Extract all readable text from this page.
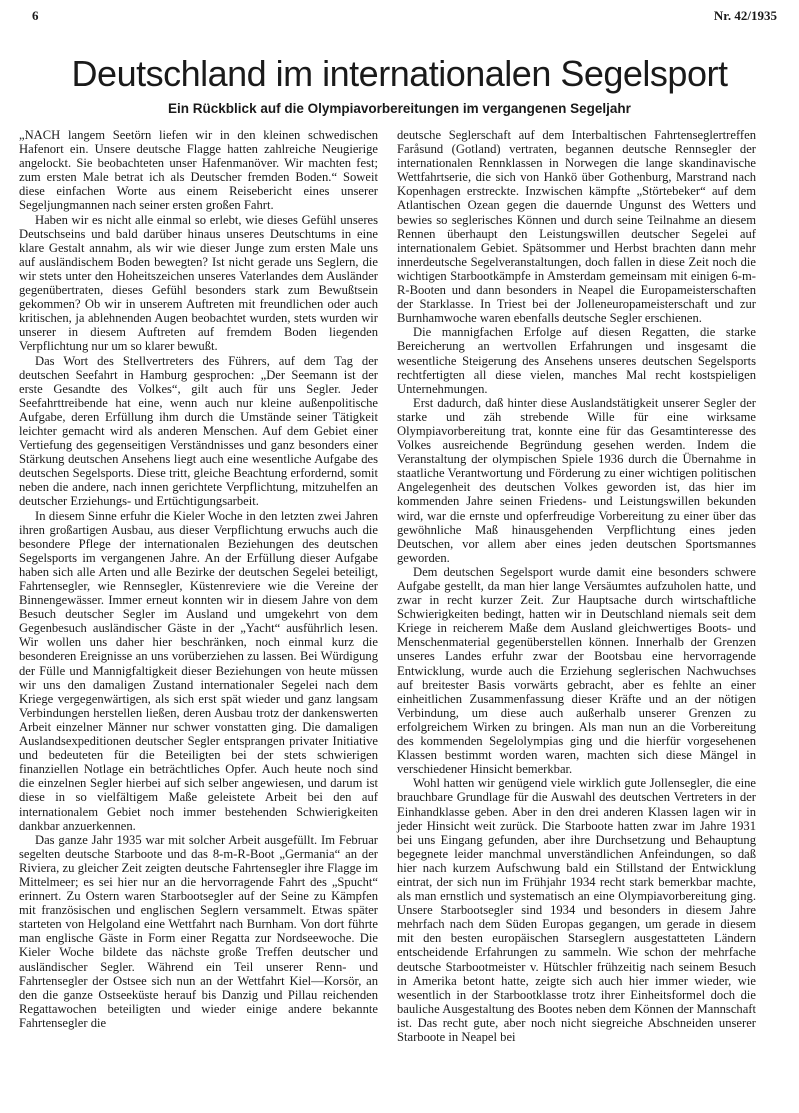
6	Nr. 42/1935
Deutschland im internationalen Segelsport
Ein Rückblick auf die Olympiavorbereitungen im vergangenen Segeljahr

„NACH langem Seetörn liefen wir in den kleinen schwedischen Hafenort ein. Unsere deutsche Flagge hatten zahlreiche Neugierige angelockt. Sie beobachteten unser Hafenmanöver. Wir machten fest; zum ersten Male betrat ich als Deutscher fremden Boden.“ Soweit diese einfachen Worte aus einem Reisebericht eines unserer Segeljungmannen nach seiner ersten großen Fahrt.

Haben wir es nicht alle einmal so erlebt, wie dieses Gefühl unseres Deutschseins und bald darüber hinaus unseres Deutschtums in eine klare Gestalt annahm, als wir wie dieser Junge zum ersten Male uns auf ausländischem Boden bewegten? Ist nicht gerade uns Seglern, die wir stets unter den Hoheitszeichen unseres Vaterlandes dem Ausländer gegenübertraten, dieses Gefühl besonders stark zum Bewußtsein gekommen? Ob wir in unserem Auftreten mit freundlichen oder auch kritischen, ja ablehnenden Augen beobachtet wurden, stets wurden wir unserer in diesem Auftreten auf fremdem Boden liegenden Verpflichtung nur um so klarer bewußt.

Das Wort des Stellvertreters des Führers, auf dem Tag der deutschen Seefahrt in Hamburg gesprochen: „Der Seemann ist der erste Gesandte des Volkes“, gilt auch für uns Segler. Jeder Seefahrttreibende hat eine, wenn auch nur kleine außenpolitische Aufgabe, deren Erfüllung ihm durch die Umstände seiner Tätigkeit leichter gemacht wird als anderen Menschen. Auf dem Gebiet einer Vertiefung des gegenseitigen Verständnisses und ganz besonders einer Stärkung deutschen Ansehens liegt auch eine wesentliche Aufgabe des deutschen Segelsports. Diese tritt, gleiche Beachtung erfordernd, somit neben die andere, nach innen gerichtete Verpflichtung, mitzuhelfen an deutscher Erziehungs- und Ertüchtigungsarbeit.

In diesem Sinne erfuhr die Kieler Woche in den letzten zwei Jahren ihren großartigen Ausbau, aus dieser Verpflichtung erwuchs auch die besondere Pflege der internationalen Beziehungen des deutschen Segelsports im vergangenen Jahre. An der Erfüllung dieser Aufgabe haben sich alle Arten und alle Bezirke der deutschen Segelei beteiligt, Fahrtensegler, wie Rennsegler, Küstenreviere wie die Vereine der Binnengewässer. Immer erneut konnten wir in diesem Jahre von dem Besuch deutscher Segler im Ausland und umgekehrt von dem Gegenbesuch ausländischer Gäste in der „Yacht“ ausführlich lesen. Wir wollen uns daher hier beschränken, noch einmal kurz die besonderen Ereignisse an uns vorüberziehen zu lassen. Bei Würdigung der Fülle und Mannigfaltigkeit dieser Beziehungen von heute müssen wir uns den damaligen Zustand internationaler Segelei nach dem Kriege vergegenwärtigen, als sich erst spät wieder und ganz langsam Verbindungen herstellen ließen, deren Ausbau trotz der dankenswerten Arbeit einzelner Männer nur schwer vonstatten ging. Die damaligen Auslandsexpeditionen deutscher Segler entsprangen privater Initiative und bedeuteten für die Beteiligten bei der stets schwierigen finanziellen Notlage ein beträchtliches Opfer. Auch heute noch sind die einzelnen Segler hierbei auf sich selber angewiesen, und darum ist diese in so vielfältigem Maße geleistete Arbeit bei den auf internationalem Gebiet noch immer bestehenden Schwierigkeiten dankbar anzuerkennen.

Das ganze Jahr 1935 war mit solcher Arbeit ausgefüllt. Im Februar segelten deutsche Starboote und das 8-m-R-Boot „Germania“ an der Riviera, zu gleicher Zeit zeigten deutsche Fahrtensegler ihre Flagge im Mittelmeer; es sei hier nur an die hervorragende Fahrt des „Spucht“ erinnert. Zu Ostern waren Starbootsegler auf der Seine zu Kämpfen mit französischen und englischen Seglern versammelt. Etwas später starteten von Helgoland eine Wettfahrt nach Burnham. Von dort führte man englische Gäste in Form einer Regatta zur Nordseewoche. Die Kieler Woche bildete das nächste große Treffen deutscher und ausländischer Segler. Während ein Teil unserer Renn- und Fahrtensegler der Ostsee sich nun an der Wettfahrt Kiel—Korsör, an den die ganze Ostseeküste herauf bis Danzig und Pillau reichenden Regattawochen beteiligten und wieder einige andere bekannte Fahrtensegler die

deutsche Seglerschaft auf dem Interbaltischen Fahrtenseglertreffen Faråsund (Gotland) vertraten, begannen deutsche Rennsegler der internationalen Rennklassen in Norwegen die lange skandinavische Wettfahrtserie, die sich von Hankö über Gothenburg, Marstrand nach Kopenhagen erstreckte. Inzwischen kämpfte „Störtebeker“ auf dem Atlantischen Ozean gegen die dauernde Ungunst des Wetters und bewies so seglerisches Können und durch seine Teilnahme an diesem Rennen überhaupt den Leistungswillen deutscher Segelei auf internationalem Gebiet. Spätsommer und Herbst brachten dann mehr innerdeutsche Segelveranstaltungen, doch fallen in diese Zeit noch die wichtigen Starbootkämpfe in Amsterdam gemeinsam mit einigen 6-m-R-Booten und dann besonders in Neapel die Europameisterschaften der Starklasse. In Triest bei der Jolleneuropameisterschaft und zur Burnhamwoche waren ebenfalls deutsche Segler erschienen.

Die mannigfachen Erfolge auf diesen Regatten, die starke Bereicherung an wertvollen Erfahrungen und insgesamt die wesentliche Steigerung des Ansehens unseres deutschen Segelsports rechtfertigten all diese vielen, manches Mal recht kostspieligen Unternehmungen.

Erst dadurch, daß hinter diese Auslandstätigkeit unserer Segler der starke und zäh strebende Wille für eine wirksame Olympiavorbereitung trat, konnte eine für das Gesamtinteresse des Volkes ausreichende Begründung gesehen werden. Indem die Veranstaltung der olympischen Spiele 1936 durch die Übernahme in staatliche Verantwortung und Förderung zu einer wichtigen politischen Angelegenheit des deutschen Volkes geworden ist, das hier im kommenden Jahre seinen Friedens- und Leistungswillen bekunden wird, war die ernste und opferfreudige Vorbereitung zu einer über das gewöhnliche Maß hinausgehenden Verpflichtung eines jeden Deutschen, vor allem aber eines jeden deutschen Sportsmannes geworden.

Dem deutschen Segelsport wurde damit eine besonders schwere Aufgabe gestellt, da man hier lange Versäumtes aufzuholen hatte, und zwar in recht kurzer Zeit. Zur Hauptsache durch wirtschaftliche Schwierigkeiten bedingt, hatten wir in Deutschland niemals seit dem Kriege in reicherem Maße dem Ausland gleichwertiges Boots- und Menschenmaterial gegenüberstellen können. Innerhalb der Grenzen unseres Landes erfuhr zwar der Bootsbau eine hervorragende Entwicklung, wurde auch die Erziehung seglerischen Nachwuchses auf breitester Basis vorwärts gebracht, aber es fehlte an einer einheitlichen Zusammenfassung dieser Kräfte und an der nötigen Verbindung, um diese auch außerhalb unserer Grenzen zu erfolgreichem Wirken zu bringen. Als man nun an die Vorbereitung des kommenden Segelolympias ging und die hierfür vorgesehenen Klassen bestimmt worden waren, machten sich diese Mängel in verschiedener Hinsicht bemerkbar.

Wohl hatten wir genügend viele wirklich gute Jollensegler, die eine brauchbare Grundlage für die Auswahl des deutschen Vertreters in der Einhandklasse geben. Aber in den drei anderen Klassen lagen wir in jeder Hinsicht weit zurück. Die Starboote hatten zwar im Jahre 1931 bei uns Eingang gefunden, aber ihre Durchsetzung und Behauptung begegnete leider manchmal unverständlichen Anfeindungen, so daß hier nach kurzem Aufschwung bald ein Stillstand der Entwicklung eintrat, der sich nun im Frühjahr 1934 recht stark bemerkbar machte, als man ernstlich und systematisch an eine Olympiavorbereitung ging. Unsere Starbootsegler sind 1934 und besonders in diesem Jahre mehrfach nach dem Süden Europas gegangen, um gerade in diesem mit den besten europäischen Starseglern ausgestatteten Ländern entscheidende Erfahrungen zu sammeln. Wie schon der mehrfache deutsche Starbootmeister v. Hütschler frühzeitig nach seinem Besuch in Amerika betont hatte, zeigte sich auch hier immer wieder, wie wesentlich in der Starbootklasse trotz ihrer Einheitsformel doch die bauliche Ausgestaltung des Bootes neben dem Können der Mannschaft ist. Das recht gute, aber noch nicht siegreiche Abschneiden unserer Starboote in Neapel bei
